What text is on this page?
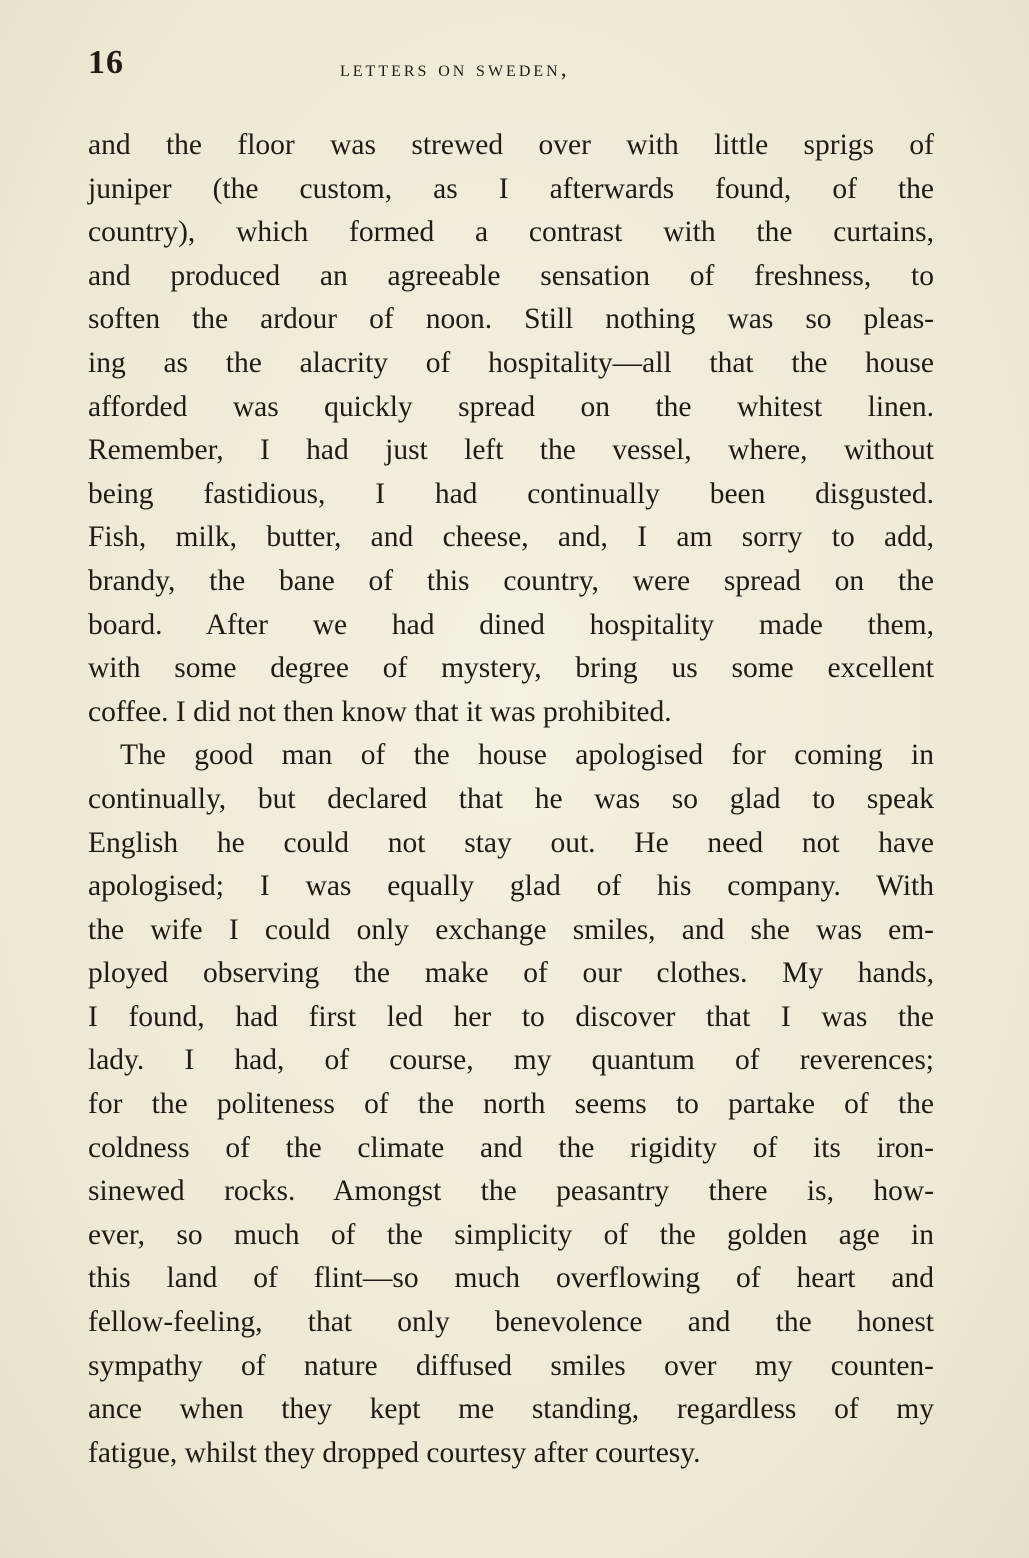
16	letters on sweden,
and the floor was strewed over with little sprigs of
juniper (the custom, as I afterwards found, of the
country), which formed a contrast with the curtains,
and produced an agreeable sensation of freshness, to
soften the ardour of noon. Still nothing was so pleas-
ing as the alacrity of hospitality—all that the house
afforded was quickly spread on the whitest linen.
Remember, I had just left the vessel, where, without
being fastidious, I had continually been disgusted.
Fish, milk, butter, and cheese, and, I am sorry to add,
brandy, the bane of this country, were spread on the
board. After we had dined hospitality made them,
with some degree of mystery, bring us some excellent
coffee. I did not then know that it was prohibited.
The good man of the house apologised for coming in
continually, but declared that he was so glad to speak
English he could not stay out. He need not have
apologised; I was equally glad of his company. With
the wife I could only exchange smiles, and she was em-
ployed observing the make of our clothes. My hands,
I found, had first led her to discover that I was the
lady. I had, of course, my quantum of reverences;
for the politeness of the north seems to partake of the
coldness of the climate and the rigidity of its iron-
sinewed rocks. Amongst the peasantry there is, how-
ever, so much of the simplicity of the golden age in
this land of flint—so much overflowing of heart and
fellow-feeling, that only benevolence and the honest
sympathy of nature diffused smiles over my counten-
ance when they kept me standing, regardless of my
fatigue, whilst they dropped courtesy after courtesy.
